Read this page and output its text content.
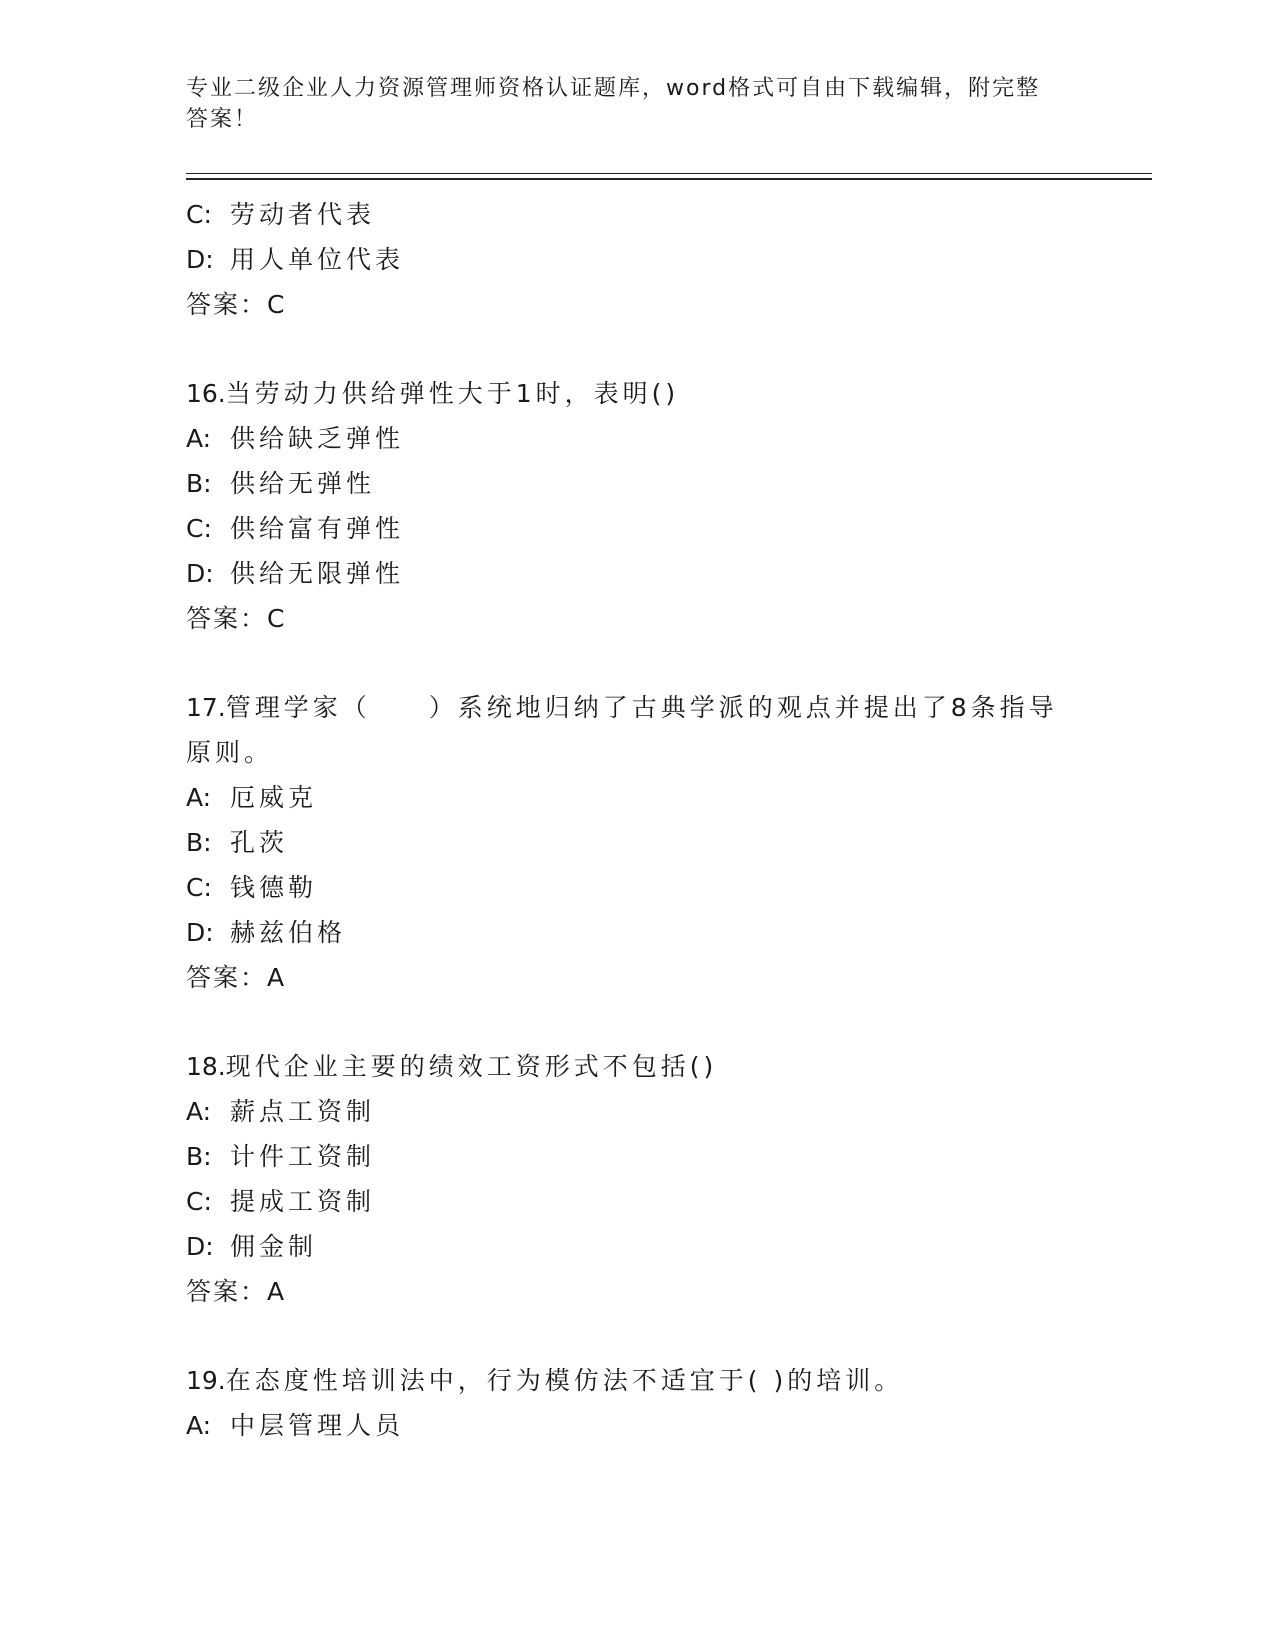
专业二级企业人力资源管理师资格认证题库，word格式可自由下载编辑，附完整
答案！
C: 劳动者代表
D: 用人单位代表
答案：C
16.当劳动力供给弹性大于1时，表明()
A: 供给缺乏弹性
B: 供给无弹性
C: 供给富有弹性
D: 供给无限弹性
答案：C
17.管理学家（　　）系统地归纳了古典学派的观点并提出了8条指导
原则。
A: 厄威克
B: 孔茨
C: 钱德勒
D: 赫兹伯格
答案：A
18.现代企业主要的绩效工资形式不包括()
A: 薪点工资制
B: 计件工资制
C: 提成工资制
D: 佣金制
答案：A
19.在态度性培训法中，行为模仿法不适宜于( )的培训。
A: 中层管理人员
